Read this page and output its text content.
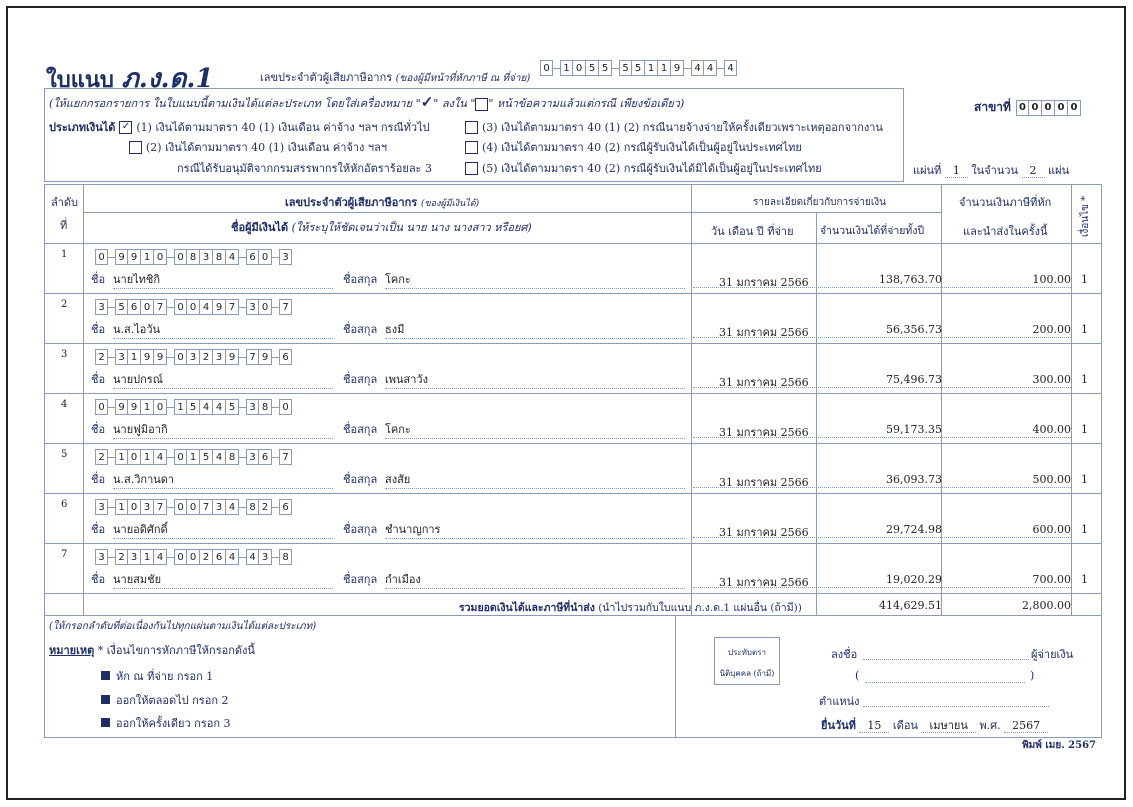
ใบแนบ ภ.ง.ด.1	เลขประจำตัวผู้เสียภาษีอากร (ของผู้มีหน้าที่หักภาษี ณ ที่จ่าย)
0	1 0 5 5	5 5 1 1 9	4 4	4
สาขาที่ 0 0 0 0 0
(ให้แยกกรอกรายการ ในใบแนบนี้ตามเงินได้แต่ละประเภท โดยใส่เครื่องหมาย "✓" ลงใน " " หน้าข้อความแล้วแต่กรณี เพียงข้อเดียว)
ประเภทเงินได้ ✓ (1) เงินได้ตามมาตรา 40 (1) เงินเดือน ค่าจ้าง ฯลฯ กรณีทั่วไป
(2) เงินได้ตามมาตรา 40 (1) เงินเดือน ค่าจ้าง ฯลฯ
กรณีได้รับอนุมัติจากกรมสรรพากรให้หักอัตราร้อยละ 3
(3) เงินได้ตามมาตรา 40 (1) (2) กรณีนายจ้างจ่ายให้ครั้งเดียวเพราะเหตุออกจากงาน
(4) เงินได้ตามมาตรา 40 (2) กรณีผู้รับเงินได้เป็นผู้อยู่ในประเทศไทย
(5) เงินได้ตามมาตรา 40 (2) กรณีผู้รับเงินได้มิได้เป็นผู้อยู่ในประเทศไทย	แผ่นที่ 1 ในจำนวน 2 แผ่น
ลำดับ
ที่
เลขประจำตัวผู้เสียภาษีอากร (ของผู้มีเงินได้)
ชื่อผู้มีเงินได้ (ให้ระบุให้ชัดเจนว่าเป็น นาย นาง นางสาว หรือยศ)
รายละเอียดเกี่ยวกับการจ่ายเงิน
วัน เดือน ปี ที่จ่าย	จำนวนเงินได้ที่จ่ายทั้งปี
จำนวนเงินภาษีที่หัก
และนำส่งในครั้งนี้	เงื่อนไข *
1	0	9 9 1 0	0 8 3 8 4	6 0	3
ชื่อ นายไทชิกิ	ชื่อสกุล โคกะ	31 มกราคม 2566	138,763.70	100.00 1
2	3	5 6 0 7	0 0 4 9 7	3 0	7
ชื่อ น.ส.ไอวัน	ชื่อสกุล ธงมี	31 มกราคม 2566	56,356.73	200.00 1
3	2	3 1 9 9	0 3 2 3 9	7 9	6
ชื่อ นายปกรณ์	ชื่อสกุล เพนสาวัง	31 มกราคม 2566	75,496.73	300.00 1
4	0	9 9 1 0	1 5 4 4 5	3 8	0
ชื่อ นายฟูมิอากิ	ชื่อสกุล โคกะ	31 มกราคม 2566	59,173.35	400.00 1
5	2	1 0 1 4	0 1 5 4 8	3 6	7
ชื่อ น.ส.วิกานดา	ชื่อสกุล สงสัย	31 มกราคม 2566	36,093.73	500.00 1
6	3	1 0 3 7	0 0 7 3 4	8 2	6
ชื่อ นายอดิศักดิ์	ชื่อสกุล ชำนาญการ	31 มกราคม 2566	29,724.98	600.00 1
7	3	2 3 1 4	0 0 2 6 4	4 3	8
ชื่อ นายสมชัย	ชื่อสกุล กำเมือง	31 มกราคม 2566	19,020.29	700.00 1
รวมยอดเงินได้และภาษีที่นำส่ง (นำไปรวมกับใบแนบ ภ.ง.ด.1 แผ่นอื่น (ถ้ามี))	414,629.51	2,800.00
(ให้กรอกลำดับที่ต่อเนื่องกันไปทุกแผ่นตามเงินได้แต่ละประเภท)
หมายเหตุ * เงื่อนไขการหักภาษีให้กรอกดังนี้
หัก ณ ที่จ่าย กรอก 1
ออกให้ตลอดไป กรอก 2
ออกให้ครั้งเดียว กรอก 3
ประทับตรา
นิติบุคคล (ถ้ามี)
ลงชื่อ	ผู้จ่ายเงิน
(	)
ตำแหน่ง
ยื่นวันที่ 15 เดือน เมษายน พ.ศ. 2567
พิมพ์ เมย. 2567
